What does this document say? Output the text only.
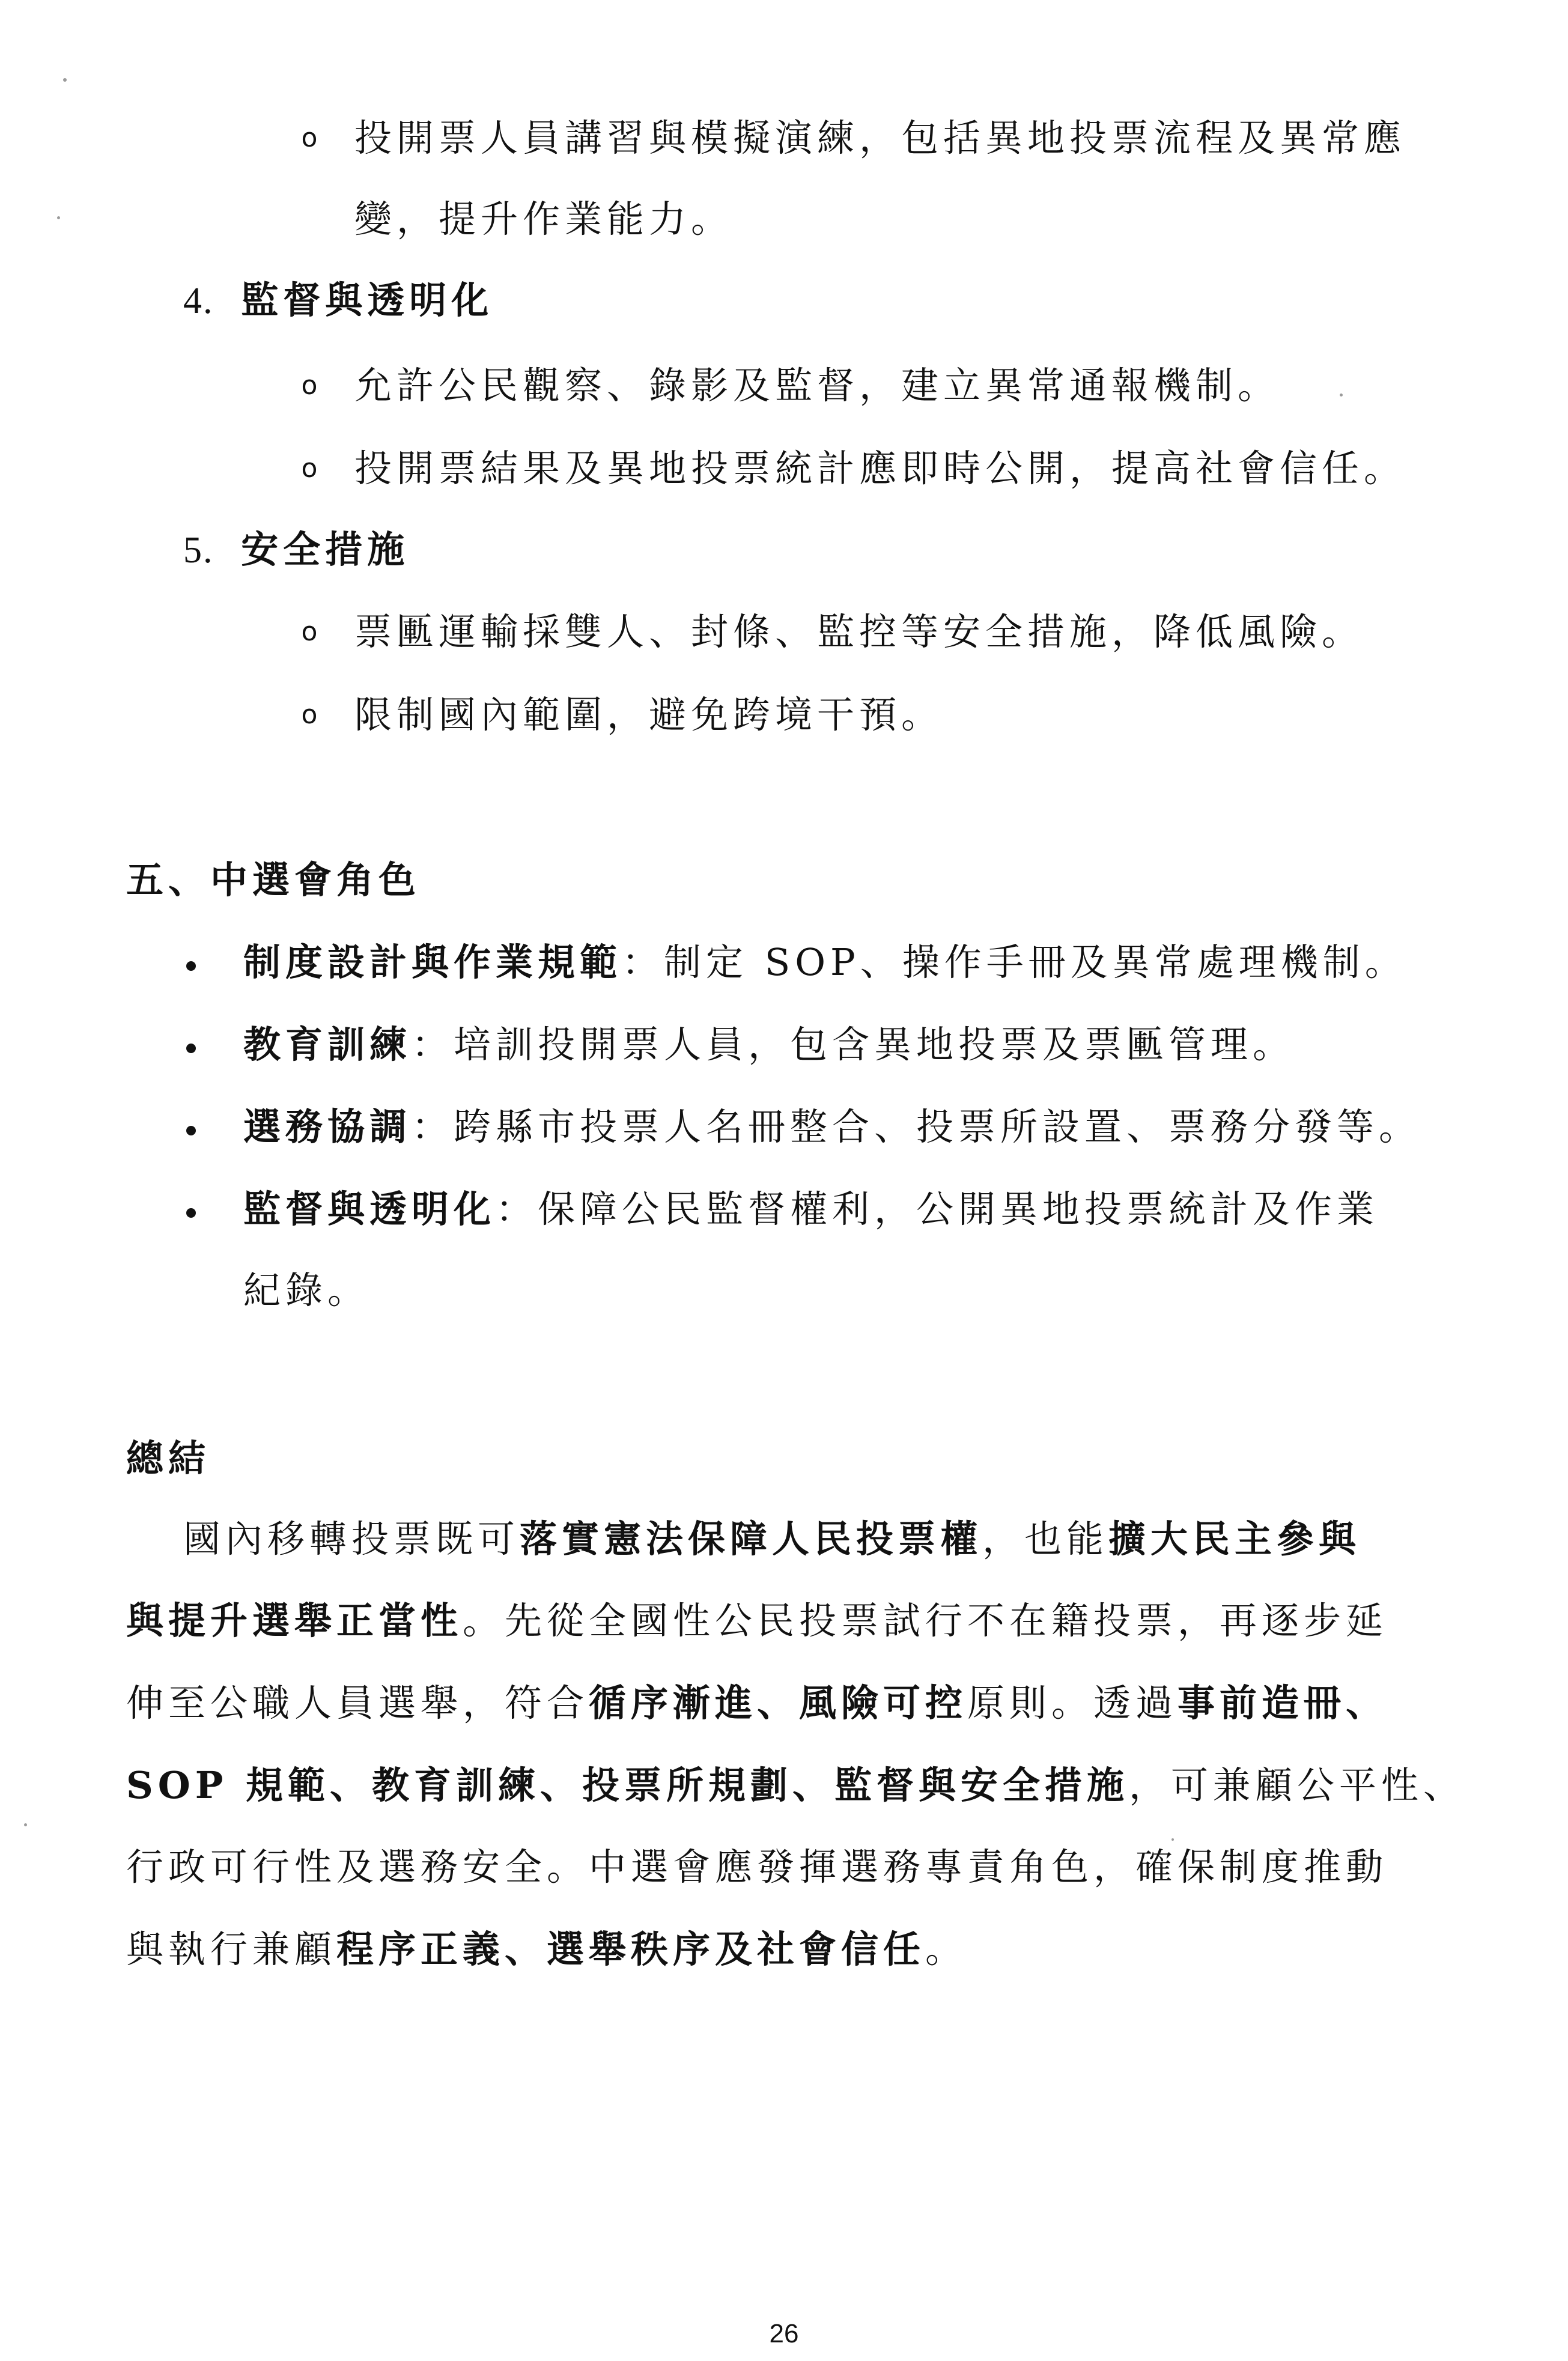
o 投開票人員講習與模擬演練，包括異地投票流程及異常應
變，提升作業能力。
4. 監督與透明化
o 允許公民觀察、錄影及監督，建立異常通報機制。
o 投開票結果及異地投票統計應即時公開，提高社會信任。
5. 安全措施
o 票匭運輸採雙人、封條、監控等安全措施，降低風險。
o 限制國內範圍，避免跨境干預。
五、中選會角色
制度設計與作業規範：制定 SOP、操作手冊及異常處理機制。
教育訓練：培訓投開票人員，包含異地投票及票匭管理。
選務協調：跨縣市投票人名冊整合、投票所設置、票務分發等。
監督與透明化：保障公民監督權利，公開異地投票統計及作業
紀錄。
總結
國內移轉投票既可落實憲法保障人民投票權，也能擴大民主參與
與提升選舉正當性。先從全國性公民投票試行不在籍投票，再逐步延
伸至公職人員選舉，符合循序漸進、風險可控原則。透過事前造冊、
SOP 規範、教育訓練、投票所規劃、監督與安全措施，可兼顧公平性、
行政可行性及選務安全。中選會應發揮選務專責角色，確保制度推動
與執行兼顧程序正義、選舉秩序及社會信任。
26
